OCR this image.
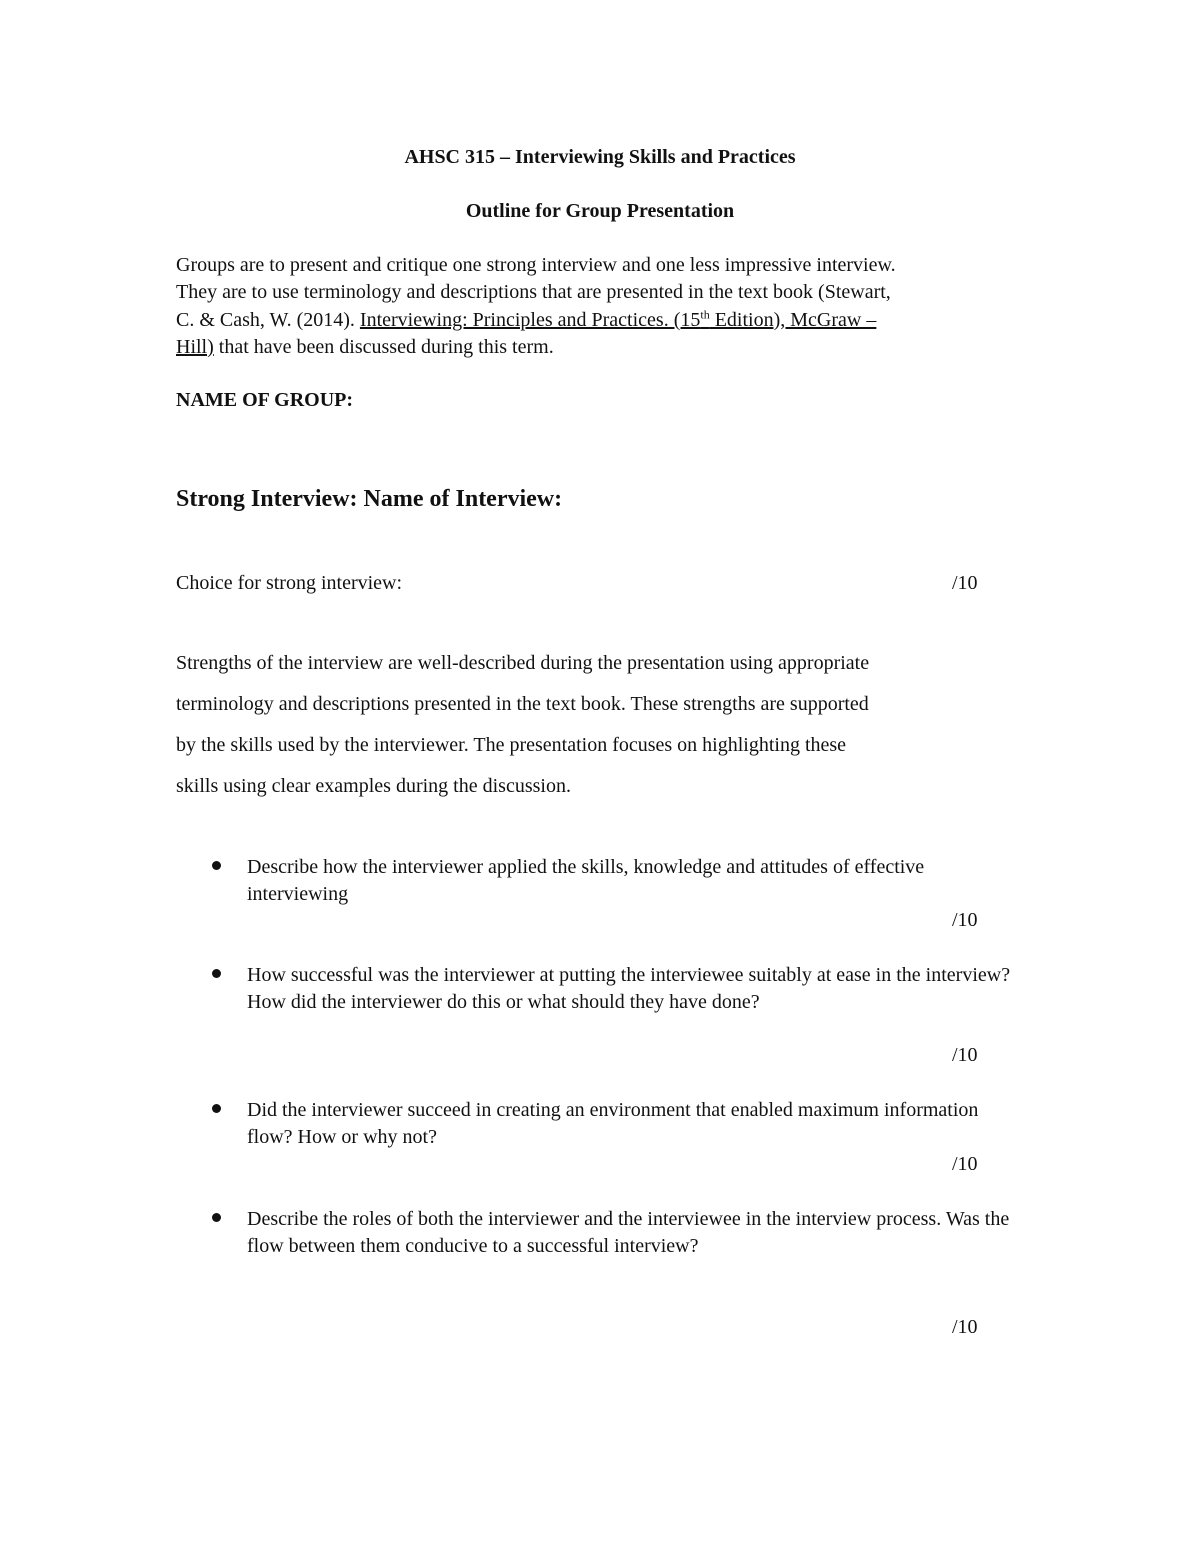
AHSC 315 – Interviewing Skills and Practices
Outline for Group Presentation
Groups are to present and critique one strong interview and one less impressive interview.
They are to use terminology and descriptions that are presented in the text book (Stewart,
C. & Cash, W. (2014). Interviewing: Principles and Practices. (15th Edition), McGraw –
Hill) that have been discussed during this term.
NAME OF GROUP:
Strong Interview: Name of Interview:
Choice for strong interview:	/10
Strengths of the interview are well-described during the presentation using appropriate
terminology and descriptions presented in the text book. These strengths are supported
by the skills used by the interviewer. The presentation focuses on highlighting these
skills using clear examples during the discussion.
Describe how the interviewer applied the skills, knowledge and attitudes of effective interviewing
/10
How successful was the interviewer at putting the interviewee suitably at ease in the interview? How did the interviewer do this or what should they have done?
/10
Did the interviewer succeed in creating an environment that enabled maximum information flow? How or why not?
/10
Describe the roles of both the interviewer and the interviewee in the interview process. Was the flow between them conducive to a successful interview?
/10
